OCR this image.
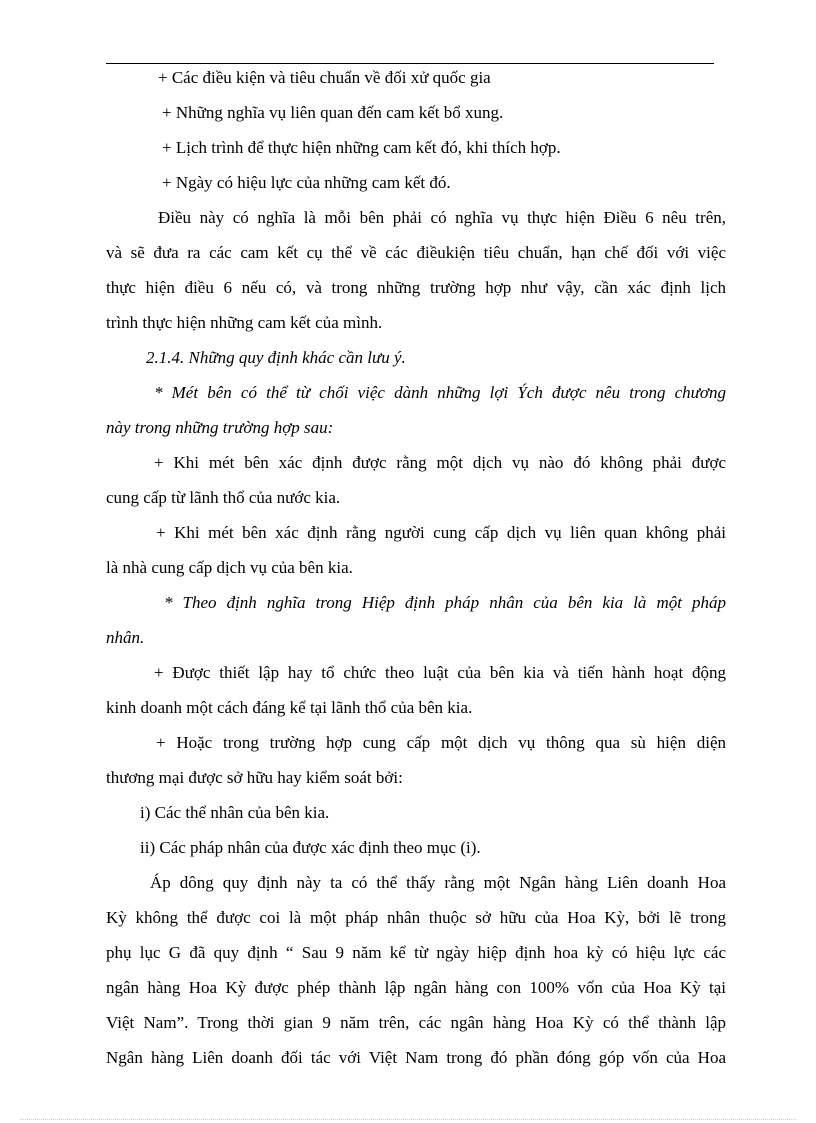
+ Các điều kiện và tiêu chuẩn về đối xử quốc gia
+ Những nghĩa vụ liên quan đến cam kết bổ xung.
+ Lịch trình để thực hiện những cam kết đó, khi thích hợp.
+ Ngày có hiệu lực của những cam kết đó.
Điều này có nghĩa là mỗi bên phải có nghĩa vụ thực hiện Điều 6 nêu trên,
và sẽ đưa ra các cam kết cụ thể về các điềukiện tiêu chuẩn, hạn chế đối với việc
thực hiện điều 6 nếu có, và trong những trường hợp như vậy, cần xác định lịch
trình thực hiện những cam kết của mình.
2.1.4. Những quy định khác cần lưu ý.
* Mét bên có thể từ chối việc dành những lợi Ých được nêu trong chương
này trong những trường hợp sau:
+ Khi mét bên xác định được rằng một dịch vụ nào đó không phải được
cung cấp từ lãnh thổ của nước kia.
+ Khi mét bên xác định rằng người cung cấp dịch vụ liên quan không phải
là nhà cung cấp dịch vụ của bên kia.
* Theo định nghĩa trong Hiệp định pháp nhân của bên kia là một pháp
nhân.
+ Được thiết lập hay tổ chức theo luật của bên kia và tiến hành hoạt động
kinh doanh một cách đáng kể tại lãnh thổ của bên kia.
+ Hoặc trong trường hợp cung cấp một dịch vụ thông qua sù hiện diện
thương mại được sở hữu hay kiểm soát bởi:
i) Các thể nhân của bên kia.
ii) Các pháp nhân của được xác định theo mục (i).
Áp dông quy định này ta có thể thấy rằng một Ngân hàng Liên doanh Hoa
Kỳ không thể được coi là một pháp nhân thuộc sở hữu của Hoa Kỳ, bởi lẽ trong
phụ lục G đã quy định “ Sau 9 năm kể từ ngày hiệp định hoa kỳ có hiệu lực các
ngân hàng Hoa Kỳ được phép thành lập ngân hàng con 100% vốn của Hoa Kỳ tại
Việt Nam”. Trong thời gian 9 năm trên, các ngân hàng Hoa Kỳ có thể thành lập
Ngân hàng Liên doanh đối tác với Việt Nam trong đó phần đóng góp vốn của Hoa
